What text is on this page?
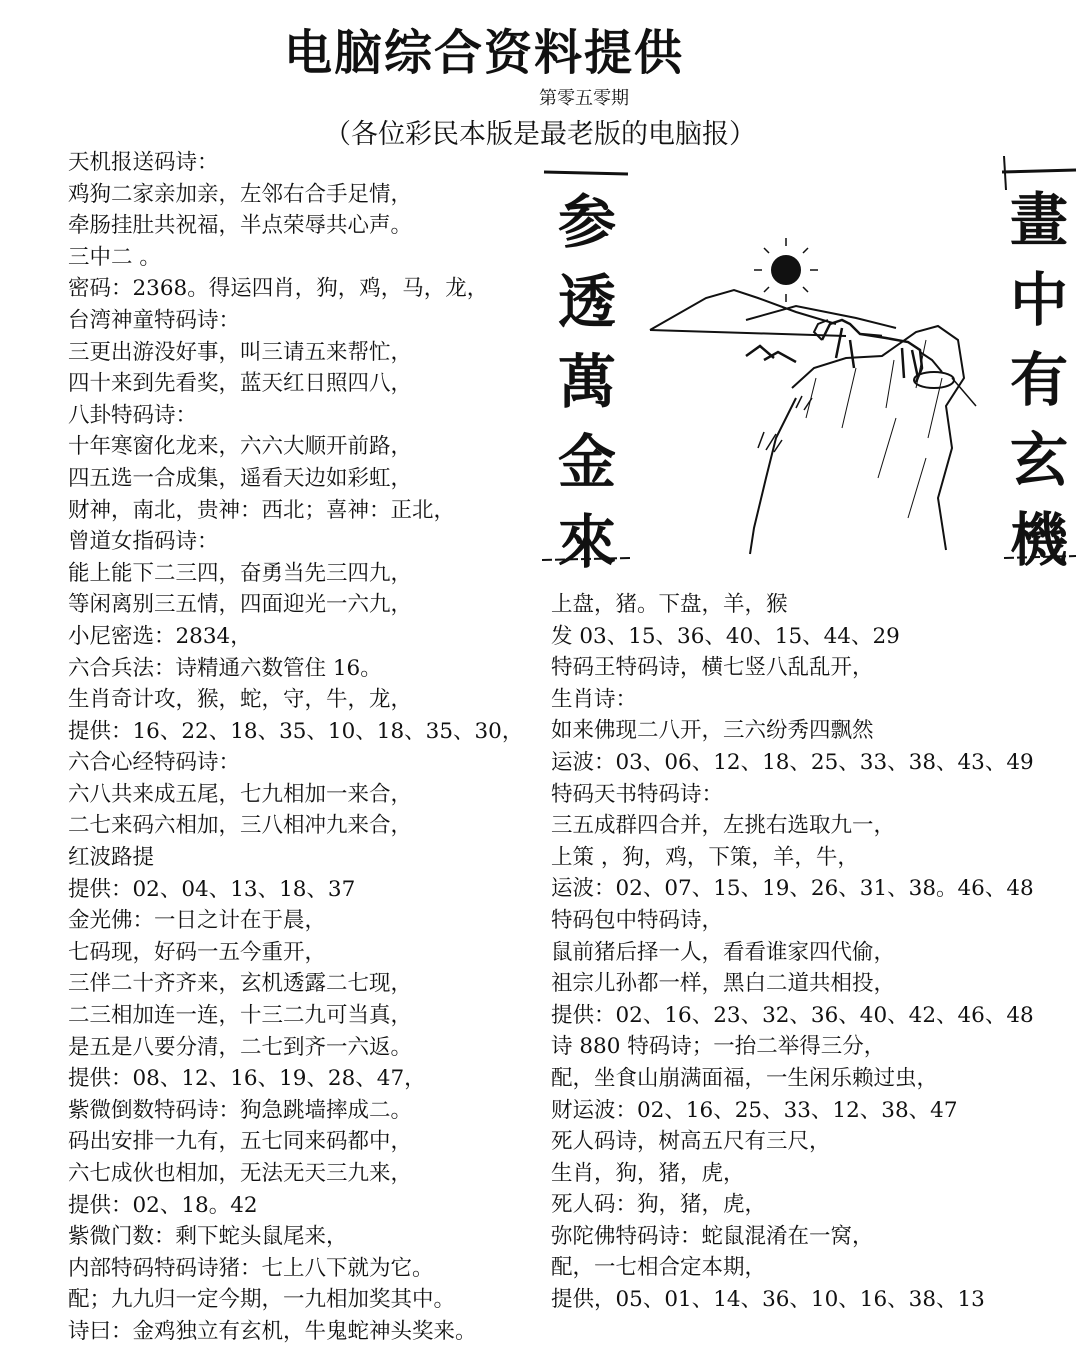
电脑综合资料提供
第零五零期
（各位彩民本版是最老版的电脑报）
天机报送码诗：
鸡狗二家亲加亲，左邻右合手足情，
牵肠挂肚共祝福，半点荣辱共心声。
三中二 。
密码：2368。得运四肖，狗，鸡，马，龙，
台湾神童特码诗：
三更出游没好事，叫三请五来帮忙，
四十来到先看奖，蓝天红日照四八，
八卦特码诗：
十年寒窗化龙来，六六大顺开前路，
四五选一合成集，遥看天边如彩虹，
财神，南北，贵神：西北；喜神：正北，
曾道女指码诗：
能上能下二三四，奋勇当先三四九，
等闲离别三五情，四面迎光一六九，
小尼密选：2834，
六合兵法：诗精通六数管住 16。
生肖奇计攻，猴，蛇，守，牛，龙，
提供：16、22、18、35、10、18、35、30，
六合心经特码诗：
六八共来成五尾，七九相加一来合，
二七来码六相加，三八相冲九来合，
红波路提
提供：02、04、13、18、37
金光佛：一日之计在于晨，
七码现，好码一五今重开，
三伴二十齐齐来，玄机透露二七现，
二三相加连一连，十三二九可当真，
是五是八要分清，二七到齐一六返。
提供：08、12、16、19、28、47，
紫微倒数特码诗：狗急跳墙摔成二。
码出安排一九有，五七同来码都中，
六七成伙也相加，无法无天三九来，
提供：02、18。42
紫微门数：剩下蛇头鼠尾来，
内部特码特码诗猪：七上八下就为它。
配；九九归一定今期，一九相加奖其中。
诗曰：金鸡独立有玄机，牛鬼蛇神头奖来。
上盘，猪。下盘，羊，猴
发 03、15、36、40、15、44、29
特码王特码诗，横七竖八乱乱开，
生肖诗：
如来佛现二八开，三六纷秀四飘然
运波：03、06、12、18、25、33、38、43、49
特码天书特码诗：
三五成群四合并，左挑右选取九一，
上策 ，狗，鸡，下策，羊，牛，
运波：02、07、15、19、26、31、38。46、48
特码包中特码诗，
鼠前猪后择一人，看看谁家四代偷，
祖宗儿孙都一样，黑白二道共相投，
提供：02、16、23、32、36、40、42、46、48
诗 880 特码诗；一抬二举得三分，
配，坐食山崩满面福，一生闲乐赖过虫，
财运波：02、16、25、33、12、38、47
死人码诗，树高五尺有三尺，
生肖，狗，猪，虎，
死人码：狗，猪，虎，
弥陀佛特码诗：蛇鼠混淆在一窝，
配，一七相合定本期，
提供，05、01、14、36、10、16、38、13
参
透
萬
金
來
畫
中
有
玄
機
